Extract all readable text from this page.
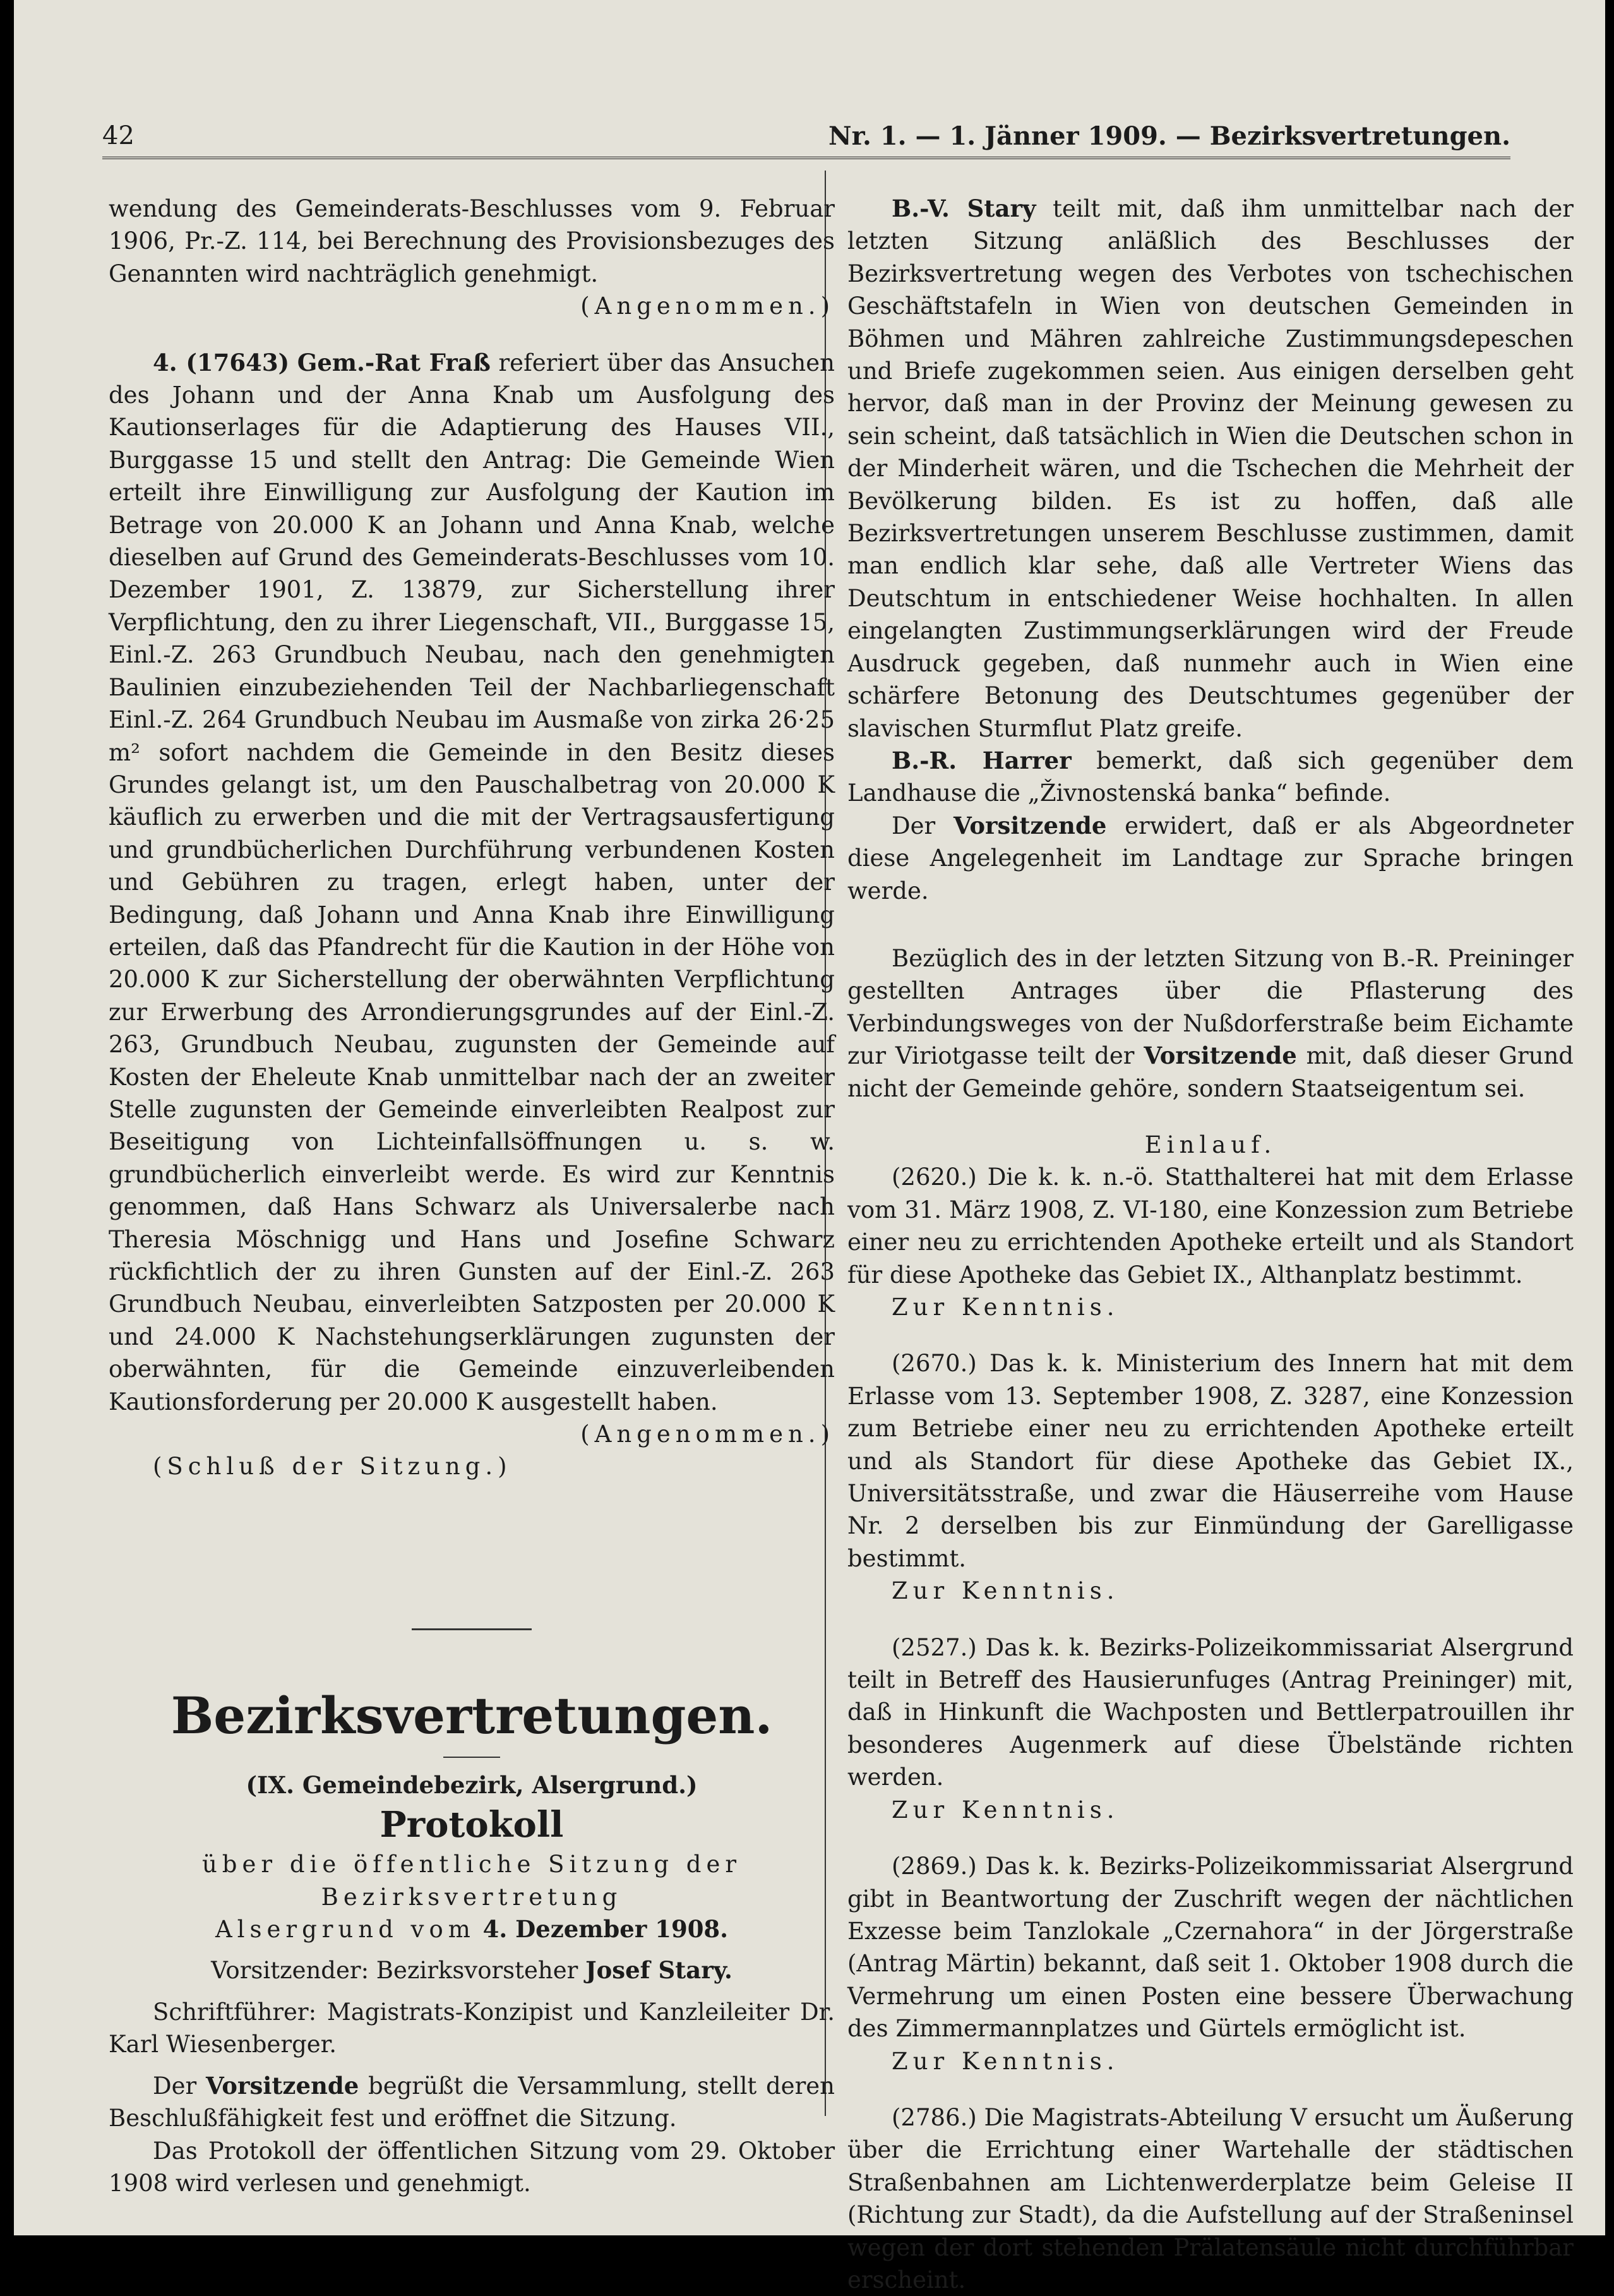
42	Nr. 1. — 1. Jänner 1909. — Bezirksvertretungen.

wendung des Gemeinderats-Beschlusses vom 9. Februar 1906, Pr.-Z. 114, bei Berechnung des Provisionsbezuges des Genannten wird nachträglich genehmigt.

(Angenommen.)

4. (17643) Gem.-Rat Fraß referiert über das Ansuchen des Johann und der Anna Knab um Ausfolgung des Kautionserlages für die Adaptierung des Hauses VII., Burggasse 15 und stellt den Antrag: Die Gemeinde Wien erteilt ihre Einwilligung zur Ausfolgung der Kaution im Betrage von 20.000 K an Johann und Anna Knab, welche dieselben auf Grund des Gemeinderats-Beschlusses vom 10. Dezember 1901, Z. 13879, zur Sicherstellung ihrer Verpflichtung, den zu ihrer Liegenschaft, VII., Burggasse 15, Einl.-Z. 263 Grundbuch Neubau, nach den genehmigten Baulinien einzubeziehenden Teil der Nachbarliegenschaft Einl.-Z. 264 Grundbuch Neubau im Ausmaße von zirka 26·25 m² sofort nachdem die Gemeinde in den Besitz dieses Grundes gelangt ist, um den Pauschalbetrag von 20.000 K käuflich zu erwerben und die mit der Vertragsausfertigung und grundbücherlichen Durchführung verbundenen Kosten und Gebühren zu tragen, erlegt haben, unter der Bedingung, daß Johann und Anna Knab ihre Einwilligung erteilen, daß das Pfandrecht für die Kaution in der Höhe von 20.000 K zur Sicherstellung der oberwähnten Verpflichtung zur Erwerbung des Arrondierungsgrundes auf der Einl.-Z. 263, Grundbuch Neubau, zugunsten der Gemeinde auf Kosten der Eheleute Knab unmittelbar nach der an zweiter Stelle zugunsten der Gemeinde einverleibten Realpost zur Beseitigung von Lichteinfallsöffnungen u. s. w. grundbücherlich einverleibt werde. Es wird zur Kenntnis genommen, daß Hans Schwarz als Universalerbe nach Theresia Möschnigg und Hans und Josefine Schwarz rückfichtlich der zu ihren Gunsten auf der Einl.-Z. 263 Grundbuch Neubau, einverleibten Satzposten per 20.000 K und 24.000 K Nachstehungserklärungen zugunsten der oberwähnten, für die Gemeinde einzuverleibenden Kautionsforderung per 20.000 K ausgestellt haben.

(Angenommen.)

(Schluß der Sitzung.)

Bezirksvertretungen.

(IX. Gemeindebezirk, Alsergrund.)

Protokoll

über die öffentliche Sitzung der Bezirksvertretung

Alsergrund vom 4. Dezember 1908.

Vorsitzender: Bezirksvorsteher Josef Stary.

Schriftführer: Magistrats-Konzipist und Kanzleileiter Dr. Karl Wiesenberger.

Der Vorsitzende begrüßt die Versammlung, stellt deren Beschlußfähigkeit fest und eröffnet die Sitzung.

Das Protokoll der öffentlichen Sitzung vom 29. Oktober 1908 wird verlesen und genehmigt.

B.-V. Stary teilt mit, daß ihm unmittelbar nach der letzten Sitzung anläßlich des Beschlusses der Bezirksvertretung wegen des Verbotes von tschechischen Geschäftstafeln in Wien von deutschen Gemeinden in Böhmen und Mähren zahlreiche Zustimmungsdepeschen und Briefe zugekommen seien. Aus einigen derselben geht hervor, daß man in der Provinz der Meinung gewesen zu sein scheint, daß tatsächlich in Wien die Deutschen schon in der Minderheit wären, und die Tschechen die Mehrheit der Bevölkerung bilden. Es ist zu hoffen, daß alle Bezirksvertretungen unserem Beschlusse zustimmen, damit man endlich klar sehe, daß alle Vertreter Wiens das Deutschtum in entschiedener Weise hochhalten. In allen eingelangten Zustimmungserklärungen wird der Freude Ausdruck gegeben, daß nunmehr auch in Wien eine schärfere Betonung des Deutschtumes gegenüber der slavischen Sturmflut Platz greife.

B.-R. Harrer bemerkt, daß sich gegenüber dem Landhause die „Živnostenská banka“ befinde.

Der Vorsitzende erwidert, daß er als Abgeordneter diese Angelegenheit im Landtage zur Sprache bringen werde.

Bezüglich des in der letzten Sitzung von B.-R. Preininger gestellten Antrages über die Pflasterung des Verbindungsweges von der Nußdorferstraße beim Eichamte zur Viriotgasse teilt der Vorsitzende mit, daß dieser Grund nicht der Gemeinde gehöre, sondern Staatseigentum sei.

Einlauf.

(2620.) Die k. k. n.-ö. Statthalterei hat mit dem Erlasse vom 31. März 1908, Z. VI-180, eine Konzession zum Betriebe einer neu zu errichtenden Apotheke erteilt und als Standort für diese Apotheke das Gebiet IX., Althanplatz bestimmt.

Zur Kenntnis.

(2670.) Das k. k. Ministerium des Innern hat mit dem Erlasse vom 13. September 1908, Z. 3287, eine Konzession zum Betriebe einer neu zu errichtenden Apotheke erteilt und als Standort für diese Apotheke das Gebiet IX., Universitätsstraße, und zwar die Häuserreihe vom Hause Nr. 2 derselben bis zur Einmündung der Garelligasse bestimmt.

Zur Kenntnis.

(2527.) Das k. k. Bezirks-Polizeikommissariat Alsergrund teilt in Betreff des Hausierunfuges (Antrag Preininger) mit, daß in Hinkunft die Wachposten und Bettlerpatrouillen ihr besonderes Augenmerk auf diese Übelstände richten werden.

Zur Kenntnis.

(2869.) Das k. k. Bezirks-Polizeikommissariat Alsergrund gibt in Beantwortung der Zuschrift wegen der nächtlichen Exzesse beim Tanzlokale „Czernahora“ in der Jörgerstraße (Antrag Märtin) bekannt, daß seit 1. Oktober 1908 durch die Vermehrung um einen Posten eine bessere Überwachung des Zimmermannplatzes und Gürtels ermöglicht ist.

Zur Kenntnis.

(2786.) Die Magistrats-Abteilung V ersucht um Äußerung über die Errichtung einer Wartehalle der städtischen Straßenbahnen am Lichtenwerderplatze beim Geleise II (Richtung zur Stadt), da die Aufstellung auf der Straßeninsel wegen der dort stehenden Prälatensäule nicht durchführbar erscheint.
